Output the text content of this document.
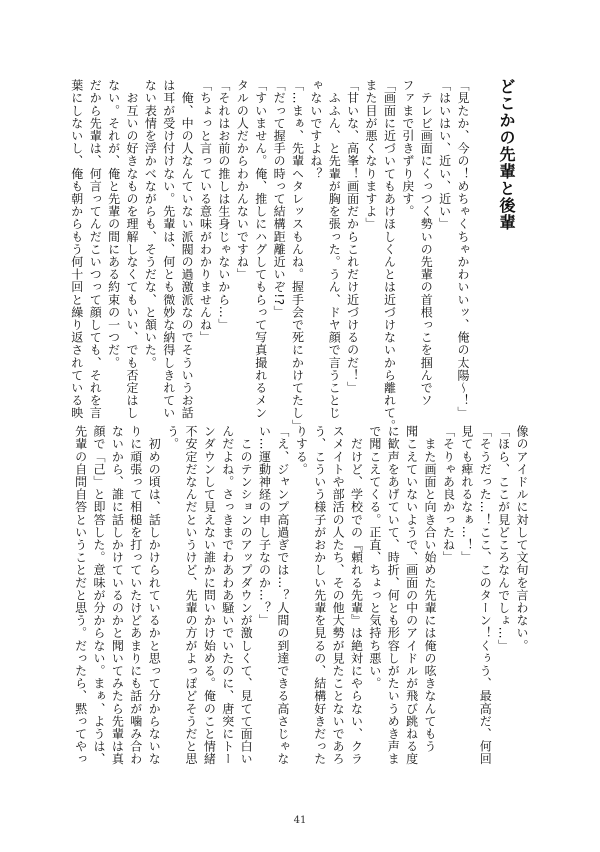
どこかの先輩と後輩
「見たか、今の！めちゃくちゃかわいいッ、俺の太陽～！」
「はいはい、近い、近い」
　テレビ画面にくっつく勢いの先輩の首根っこを掴んでソ
ファまで引きずり戻す。
「画面に近づいてもあけほしくんとは近づけないから離れて。
また目が悪くなりますよ」
「甘いな、高峯！画面だからこれだけ近づけるのだ！」
　ふふん、と先輩が胸を張った。うん、ドヤ顔で言うことじ
ゃないですよね？
「…まぁ、先輩ヘタレッスもんね。握手会で死にかけてたし」
「だって握手の時って結構距離近いぞ!?」
「すいません。俺、推しにハグしてもらって写真撮れるメン
タルの人だからわかんないですね」
「それはお前の推しは生身じゃないから…」
「ちょっと言っている意味がわかりませんね」
　俺、中の人なんていない派閥の過激派なのでそういうお話
は耳が受け付けない。先輩は、何とも微妙な納得しきれてい
ない表情を浮かべながらも、そうだな、と頷いた。
　お互いの好きなものを理解しなくてもいい、でも否定はし
ない。それが、俺と先輩の間にある約束の一つだ。
だから先輩は、何言ってんだこいつって顔しても、それを言
葉にしないし、俺も朝からもう何十回と繰り返されている映
像のアイドルに対して文句を言わない。
「ほら、ここが見どころなんでしょ…」
「そうだった…！ここ、このターン！くぅう、最高だ、何回
見ても痺れるなぁ…！」
「そりゃあ良かったね」
　また画面と向き合い始めた先輩には俺の呟きなんてもう
聞こえていないようで、画面の中のアイドルが飛び跳ねる度
に歓声をあげていて、時折、何とも形容しがたいうめき声ま
で聞こえてくる。正直、ちょっと気持ち悪い。
　だけど、学校での『頼れる先輩』は絶対にやらない、クラ
スメイトや部活の人たち、その他大勢が見たことないであろ
う、こういう様子がおかしい先輩を見るの、結構好きだった
りする。
「え、ジャンプ高過ぎでは…？人間の到達できる高さじゃな
い…運動神経の申し子なのか…？」
　このテンションのアップダウンが激しくて、見てて面白い
んだよね。さっきまでわあわあ騒いでいたのに、唐突にトー
ンダウンして見えない誰かに問いかけ始める。俺のこと情緒
不安定だなんだというけど、先輩の方がよっぽどそうだと思
う。
　初めの頃は、話しかけられているかと思って分からないな
りに頑張って相槌を打っていたけどあまりにも話が噛み合わ
ないから、誰に話しかけているのかと聞いてみたら先輩は真
顔で「己」と即答した。意味が分からない。まぁ、ようは、
先輩の自問自答ということだと思う。だったら、黙ってやっ
41
